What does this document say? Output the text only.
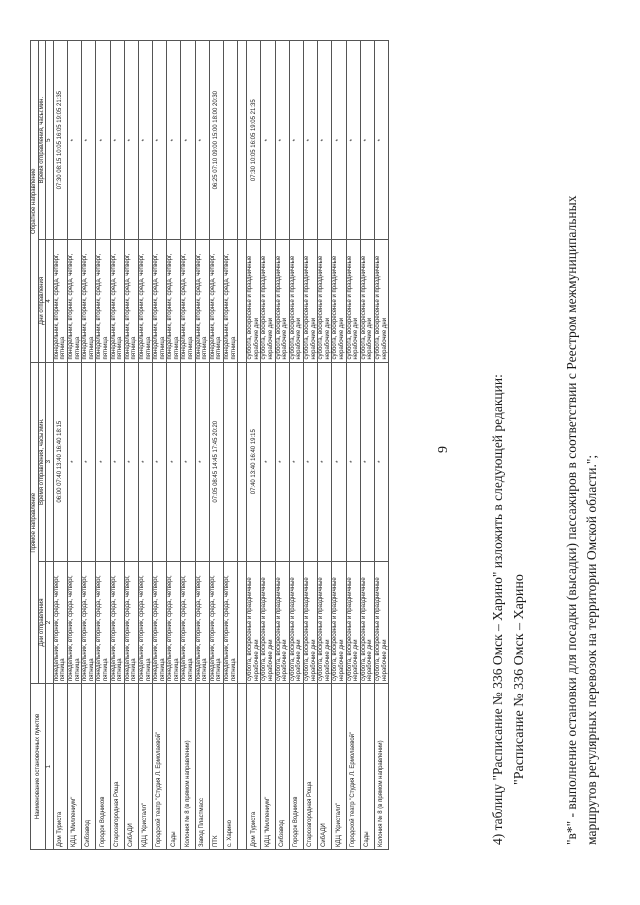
9	"в*" - выполнение остановки для посадки (высадки) пассажиров в соответствии с Реестром межмуниципальных маршрутов регулярных перевозок на территории Омской области.";
4) таблицу "Расписание № 336 Омск – Харино" изложить в следующей редакции: "Расписание № 336 Омск – Харино
Наименование остановочных пунктов	Прямое направление		Обратное направление	
	Дни отправления	Время отправления, часы:мин.	Дни отправления	Время отправления, часы:мин.
1	2	3	4	5
Дом Туриста	понедельник, вторник, среда, четверг, пятница	06:00 07:40 13:40 16:40 18:15	понедельник, вторник, среда, четверг, пятница	07:30 08:15 10:05 16:05 19:05 21:35
КДЦ "Миллениум"	понедельник, вторник, среда, четверг, пятница	*	понедельник, вторник, среда, четверг, пятница	*
Сибзавод	понедельник, вторник, среда, четверг, пятница	*	понедельник, вторник, среда, четверг, пятница	*
Городок Водников	понедельник, вторник, среда, четверг, пятница	*	понедельник, вторник, среда, четверг, пятница	*
Старозагородная Роща	понедельник, вторник, среда, четверг, пятница	*	понедельник, вторник, среда, четверг, пятница	*
СибАДИ	понедельник, вторник, среда, четверг, пятница	*	понедельник, вторник, среда, четверг, пятница	*
КДЦ "Кристалл"	понедельник, вторник, среда, четверг, пятница	*	понедельник, вторник, среда, четверг, пятница	*
Городской театр "Студия Л. Ермолаевой"	понедельник, вторник, среда, четверг, пятница	*	понедельник, вторник, среда, четверг, пятница	*
Сады	понедельник, вторник, среда, четверг, пятница	*	понедельник, вторник, среда, четверг, пятница	*
Колония № 8 (в прямом направлении)	понедельник, вторник, среда, четверг, пятница	*	понедельник, вторник, среда, четверг, пятница	*
Завод Пластмасс	понедельник, вторник, среда, четверг, пятница	*	понедельник, вторник, среда, четверг, пятница	*
ПТК	понедельник, вторник, среда, четверг, пятница	07:05 08:45 14:45 17:45 20:20	понедельник, вторник, среда, четверг, пятница	06:25 07:10 09:00 15:00 18:00 20:30
с. Харино	понедельник, вторник, среда, четверг, пятница		понедельник, вторник, среда, четверг, пятница	

Дом Туриста	суббота, воскресенье и праздничные нерабочие дни	07:40 13:40 16:40 19:15	суббота, воскресенье и праздничные нерабочие дни	07:30 10:05 16:05 19:05 21:35
КДЦ "Миллениум"	суббота, воскресенье и праздничные нерабочие дни	*	суббота, воскресенье и праздничные нерабочие дни	*
Сибзавод	суббота, воскресенье и праздничные нерабочие дни	*	суббота, воскресенье и праздничные нерабочие дни	*
Городок Водников	суббота, воскресенье и праздничные нерабочие дни	*	суббота, воскресенье и праздничные нерабочие дни	*
Старозагородная Роща	суббота, воскресенье и праздничные нерабочие дни	*	суббота, воскресенье и праздничные нерабочие дни	*
СибАДИ	суббота, воскресенье и праздничные нерабочие дни	*	суббота, воскресенье и праздничные нерабочие дни	*
КДЦ "Кристалл"	суббота, воскресенье и праздничные нерабочие дни	*	суббота, воскресенье и праздничные нерабочие дни	*
Городской театр "Студия Л. Ермолаевой"	суббота, воскресенье и праздничные нерабочие дни	*	суббота, воскресенье и праздничные нерабочие дни	*
Сады	суббота, воскресенье и праздничные нерабочие дни	*	суббота, воскресенье и праздничные нерабочие дни	*
Колония № 8 (в прямом направлении)	суббота, воскресенье и праздничные нерабочие дни	*	суббота, воскресенье и праздничные нерабочие дни	*
